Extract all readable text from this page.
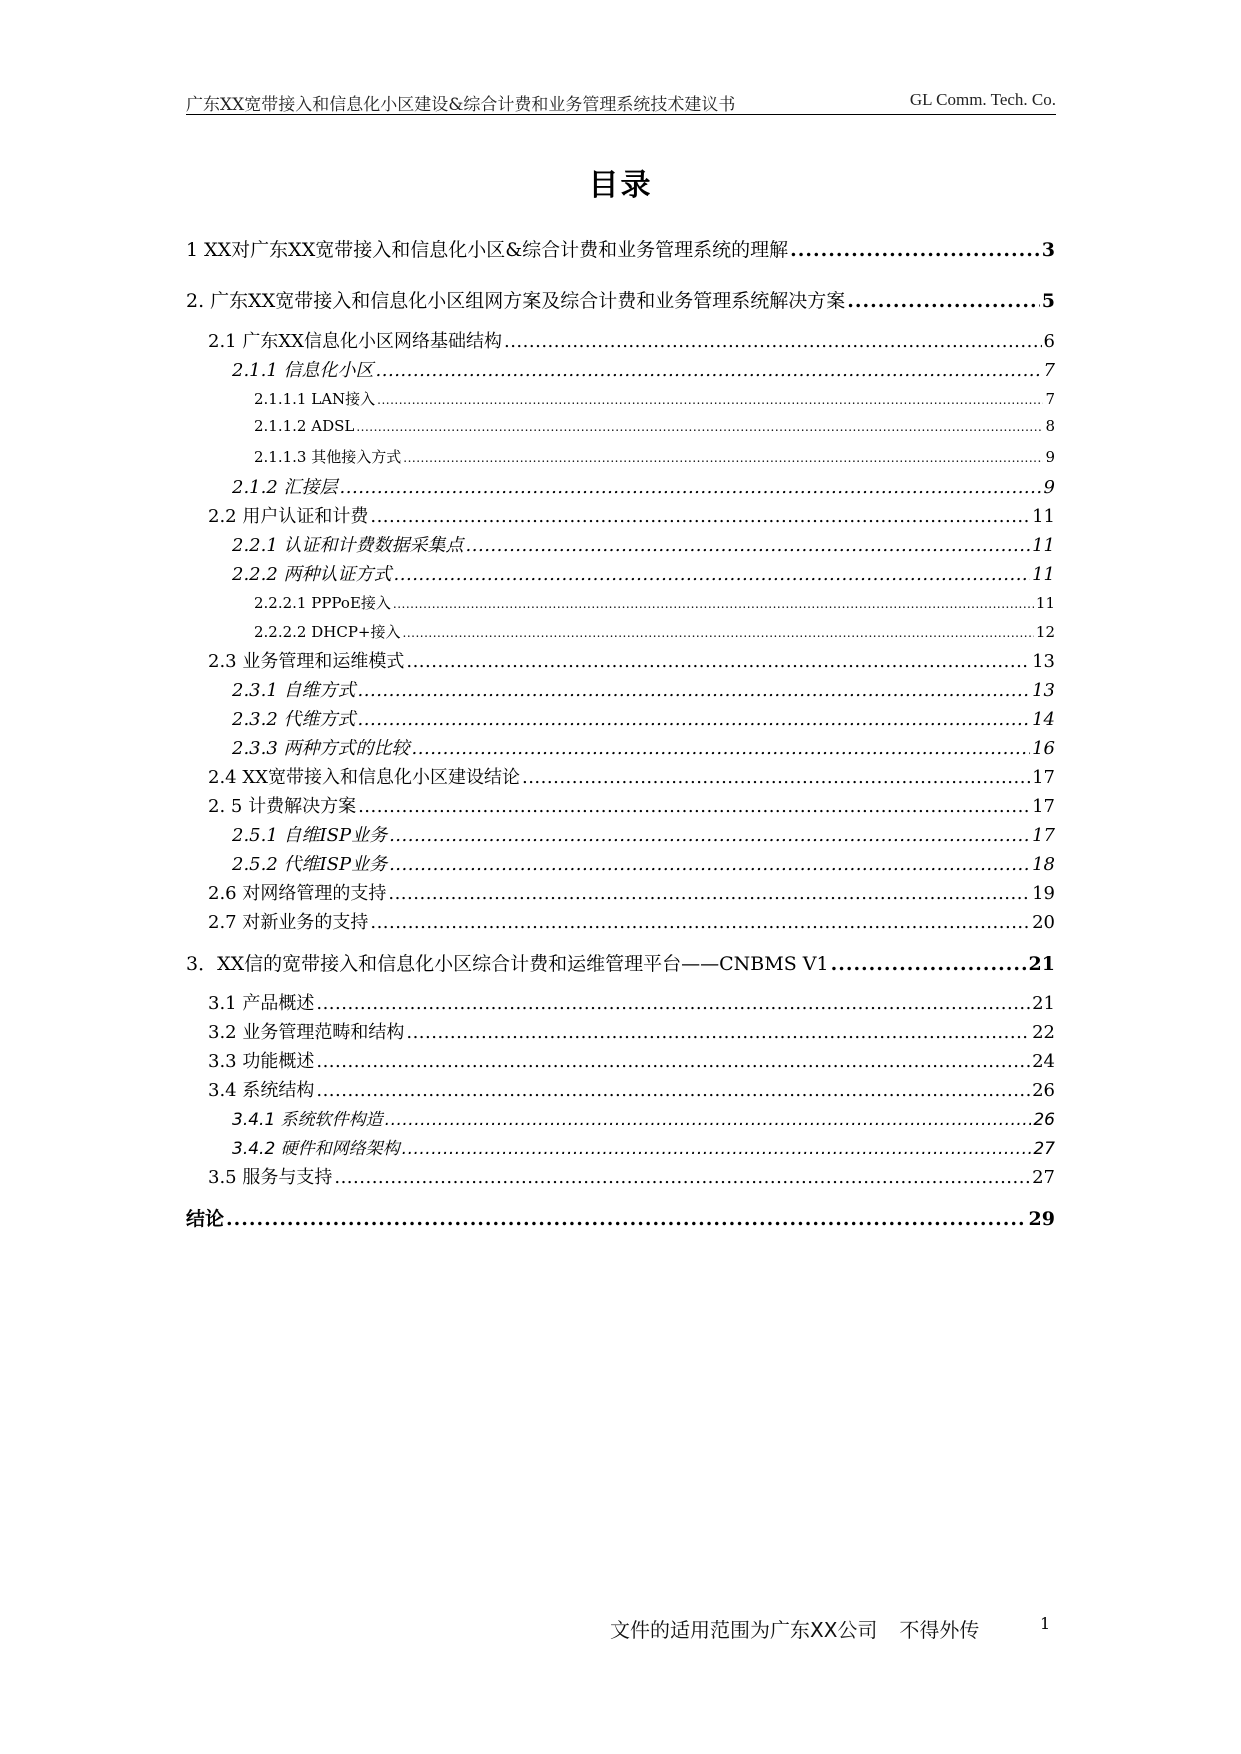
广东XX宽带接入和信息化小区建设&综合计费和业务管理系统技术建议书	GL Comm. Tech. Co.
目录
1 XX对广东XX宽带接入和信息化小区&综合计费和业务管理系统的理解 .....	3
2. 广东XX宽带接入和信息化小区组网方案及综合计费和业务管理系统解决方案 .....	5
2.1 广东XX信息化小区网络基础结构 .....	6
2.1.1 信息化小区 .....	7
2.1.1.1 LAN接入 .....	7
2.1.1.2 ADSL .....	8
2.1.1.3 其他接入方式 .....	9
2.1.2 汇接层 .....	9
2.2 用户认证和计费 .....	11
2.2.1 认证和计费数据采集点 .....	11
2.2.2 两种认证方式 .....	11
2.2.2.1 PPPoE接入 .....	11
2.2.2.2 DHCP+接入 .....	12
2.3 业务管理和运维模式 .....	13
2.3.1 自维方式 .....	13
2.3.2 代维方式 .....	14
2.3.3 两种方式的比较 .....	16
2.4 XX宽带接入和信息化小区建设结论 .....	17
2. 5 计费解决方案 .....	17
2.5.1 自维ISP业务 .....	17
2.5.2 代维ISP业务 .....	18
2.6 对网络管理的支持 .....	19
2.7 对新业务的支持 .....	20
3．XX信的宽带接入和信息化小区综合计费和运维管理平台——CNBMS V1 .....	21
3.1 产品概述 .....	21
3.2 业务管理范畴和结构 .....	22
3.3 功能概述 .....	24
3.4 系统结构 .....	26
3.4.1 系统软件构造 .....	26
3.4.2 硬件和网络架构 .....	27
3.5 服务与支持 .....	27
结论 .....	29
文件的适用范围为广东XX公司 不得外传	1
